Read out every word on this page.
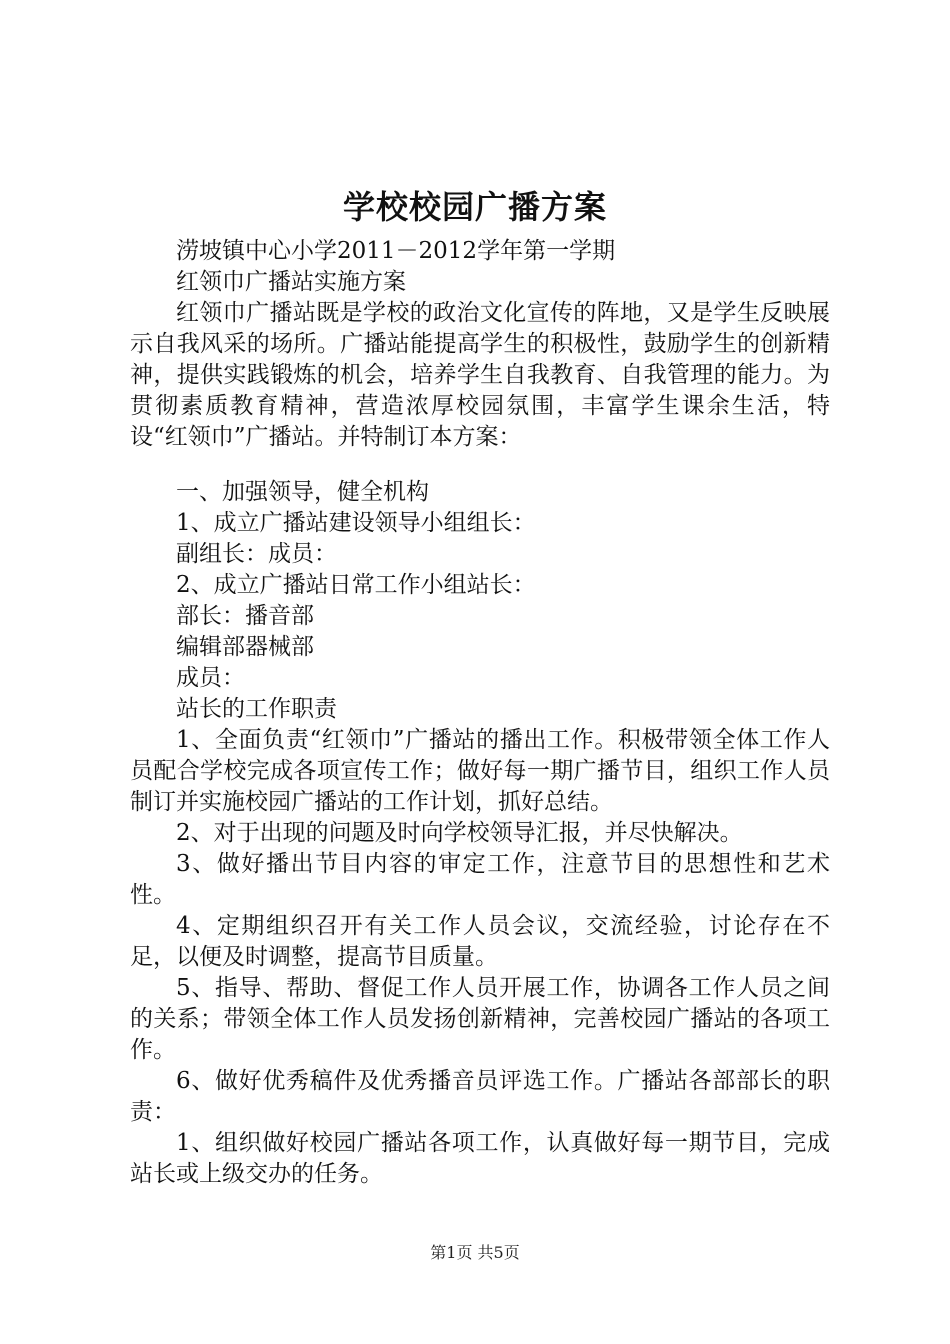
学校校园广播方案

涝坡镇中心小学2011－2012学年第一学期

红领巾广播站实施方案

红领巾广播站既是学校的政治文化宣传的阵地，又是学生反映展示自我风采的场所。广播站能提高学生的积极性，鼓励学生的创新精神，提供实践锻炼的机会，培养学生自我教育、自我管理的能力。为贯彻素质教育精神，营造浓厚校园氛围，丰富学生课余生活，特设“红领巾”广播站。并特制订本方案：

一、加强领导，健全机构

1、成立广播站建设领导小组组长：

副组长：成员：

2、成立广播站日常工作小组站长：

部长：播音部

编辑部器械部

成员：

站长的工作职责

1、全面负责“红领巾”广播站的播出工作。积极带领全体工作人员配合学校完成各项宣传工作；做好每一期广播节目，组织工作人员制订并实施校园广播站的工作计划，抓好总结。

2、对于出现的问题及时向学校领导汇报，并尽快解决。

3、做好播出节目内容的审定工作，注意节目的思想性和艺术性。

4、定期组织召开有关工作人员会议，交流经验，讨论存在不足，以便及时调整，提高节目质量。

5、指导、帮助、督促工作人员开展工作，协调各工作人员之间的关系；带领全体工作人员发扬创新精神，完善校园广播站的各项工作。

6、做好优秀稿件及优秀播音员评选工作。广播站各部部长的职责：

1、组织做好校园广播站各项工作，认真做好每一期节目，完成站长或上级交办的任务。

第1页 共5页
